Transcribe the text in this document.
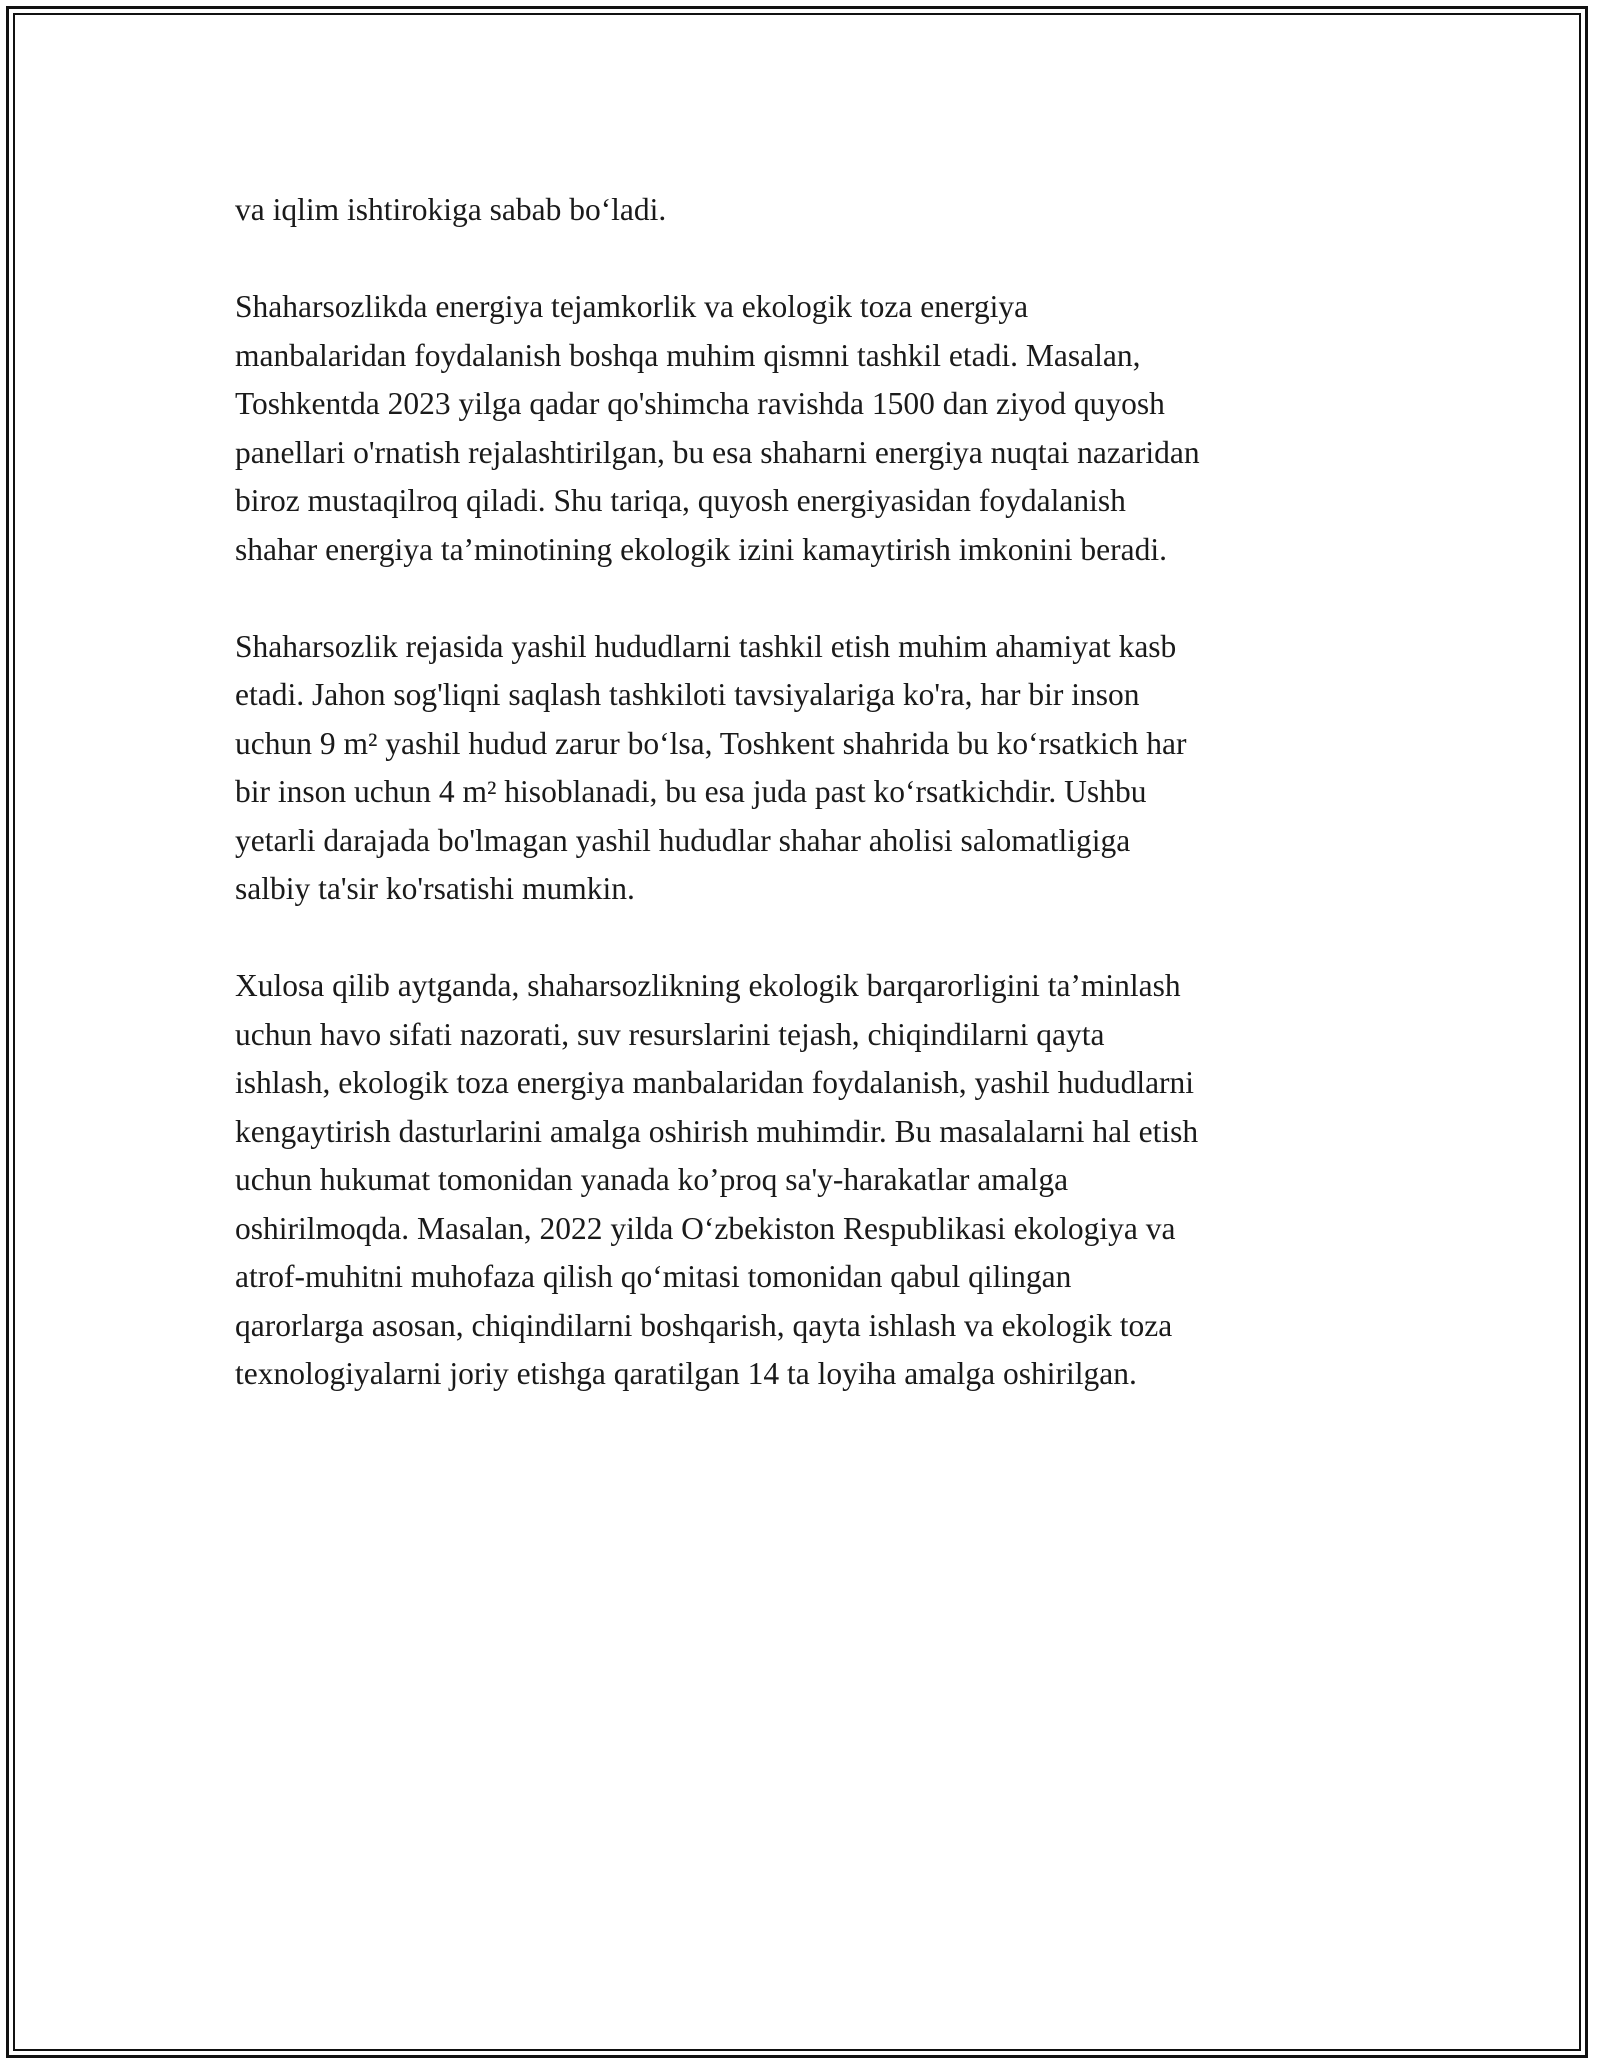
va iqlim ishtirokiga sabab bo‘ladi.

Shaharsozlikda energiya tejamkorlik va ekologik toza energiya
manbalaridan foydalanish boshqa muhim qismni tashkil etadi. Masalan,
Toshkentda 2023 yilga qadar qo'shimcha ravishda 1500 dan ziyod quyosh
panellari o'rnatish rejalashtirilgan, bu esa shaharni energiya nuqtai nazaridan
biroz mustaqilroq qiladi. Shu tariqa, quyosh energiyasidan foydalanish
shahar energiya ta’minotining ekologik izini kamaytirish imkonini beradi.

Shaharsozlik rejasida yashil hududlarni tashkil etish muhim ahamiyat kasb
etadi. Jahon sog'liqni saqlash tashkiloti tavsiyalariga ko'ra, har bir inson
uchun 9 m² yashil hudud zarur bo‘lsa, Toshkent shahrida bu ko‘rsatkich har
bir inson uchun 4 m² hisoblanadi, bu esa juda past ko‘rsatkichdir. Ushbu
yetarli darajada bo'lmagan yashil hududlar shahar aholisi salomatligiga
salbiy ta'sir ko'rsatishi mumkin.

Xulosa qilib aytganda, shaharsozlikning ekologik barqarorligini ta’minlash
uchun havo sifati nazorati, suv resurslarini tejash, chiqindilarni qayta
ishlash, ekologik toza energiya manbalaridan foydalanish, yashil hududlarni
kengaytirish dasturlarini amalga oshirish muhimdir. Bu masalalarni hal etish
uchun hukumat tomonidan yanada ko’proq sa'y-harakatlar amalga
oshirilmoqda. Masalan, 2022 yilda O‘zbekiston Respublikasi ekologiya va
atrof-muhitni muhofaza qilish qo‘mitasi tomonidan qabul qilingan
qarorlarga asosan, chiqindilarni boshqarish, qayta ishlash va ekologik toza
texnologiyalarni joriy etishga qaratilgan 14 ta loyiha amalga oshirilgan.
